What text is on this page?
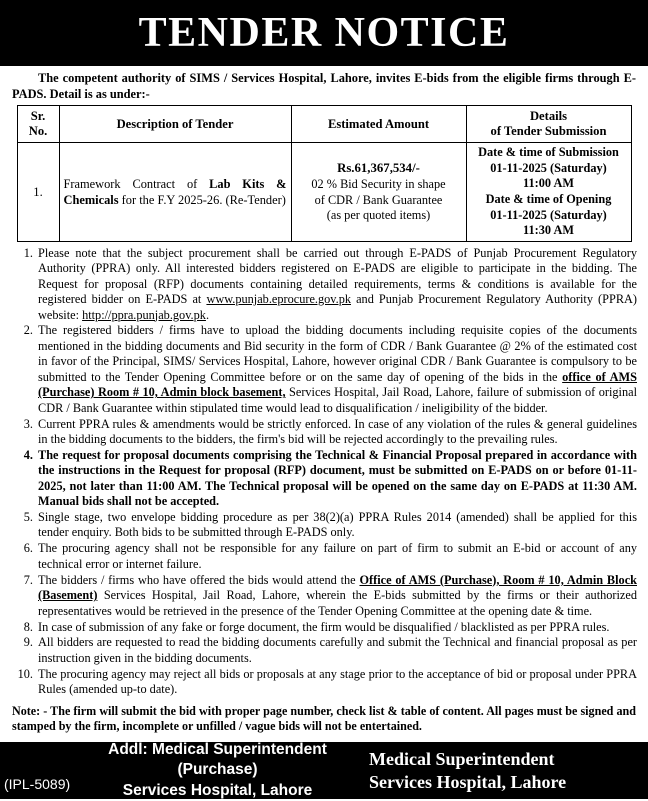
TENDER NOTICE

The competent authority of SIMS / Services Hospital, Lahore, invites E-bids from the eligible firms through E-PADS. Detail is as under:-

Sr.
No.	Description of Tender	Estimated Amount	Details
of Tender Submission
1.	Framework Contract of Lab Kits & Chemicals for the F.Y 2025-26. (Re-Tender)	Rs.61,367,534/-
02 % Bid Security in shape
of CDR / Bank Guarantee
(as per quoted items)	Date & time of Submission
01-11-2025 (Saturday)
11:00 AM
Date & time of Opening
01-11-2025 (Saturday)
11:30 AM
1. Please note that the subject procurement shall be carried out through E-PADS of Punjab Procurement Regulatory Authority (PPRA) only. All interested bidders registered on E-PADS are eligible to participate in the bidding. The Request for proposal (RFP) documents containing detailed requirements, terms & conditions is available for the registered bidder on E-PADS at www.punjab.eprocure.gov.pk and Punjab Procurement Regulatory Authority (PPRA) website: http://ppra.punjab.gov.pk.
2. The registered bidders / firms have to upload the bidding documents including requisite copies of the documents mentioned in the bidding documents and Bid security in the form of CDR / Bank Guarantee @ 2% of the estimated cost in favor of the Principal, SIMS/ Services Hospital, Lahore, however original CDR / Bank Guarantee is compulsory to be submitted to the Tender Opening Committee before or on the same day of opening of the bids in the office of AMS (Purchase) Room # 10, Admin block basement, Services Hospital, Jail Road, Lahore, failure of submission of original CDR / Bank Guarantee within stipulated time would lead to disqualification / ineligibility of the bidder.
3. Current PPRA rules & amendments would be strictly enforced. In case of any violation of the rules & general guidelines in the bidding documents to the bidders, the firm's bid will be rejected accordingly to the prevailing rules.
4. The request for proposal documents comprising the Technical & Financial Proposal prepared in accordance with the instructions in the Request for proposal (RFP) document, must be submitted on E-PADS on or before 01-11-2025, not later than 11:00 AM. The Technical proposal will be opened on the same day on E-PADS at 11:30 AM. Manual bids shall not be accepted.
5. Single stage, two envelope bidding procedure as per 38(2)(a) PPRA Rules 2014 (amended) shall be applied for this tender enquiry. Both bids to be submitted through E-PADS only.
6. The procuring agency shall not be responsible for any failure on part of firm to submit an E-bid or account of any technical error or internet failure.
7. The bidders / firms who have offered the bids would attend the Office of AMS (Purchase), Room # 10, Admin Block (Basement) Services Hospital, Jail Road, Lahore, wherein the E-bids submitted by the firms or their authorized representatives would be retrieved in the presence of the Tender Opening Committee at the opening date & time.
8. In case of submission of any fake or forge document, the firm would be disqualified / blacklisted as per PPRA rules.
9. All bidders are requested to read the bidding documents carefully and submit the Technical and financial proposal as per instruction given in the bidding documents.
10. The procuring agency may reject all bids or proposals at any stage prior to the acceptance of bid or proposal under PPRA Rules (amended up-to date).

Note: - The firm will submit the bid with proper page number, check list & table of content. All pages must be signed and stamped by the firm, incomplete or unfilled / vague bids will not be entertained.

(IPL-5089)
Addl: Medical Superintendent (Purchase)
Services Hospital, Lahore
Medical Superintendent
Services Hospital, Lahore
